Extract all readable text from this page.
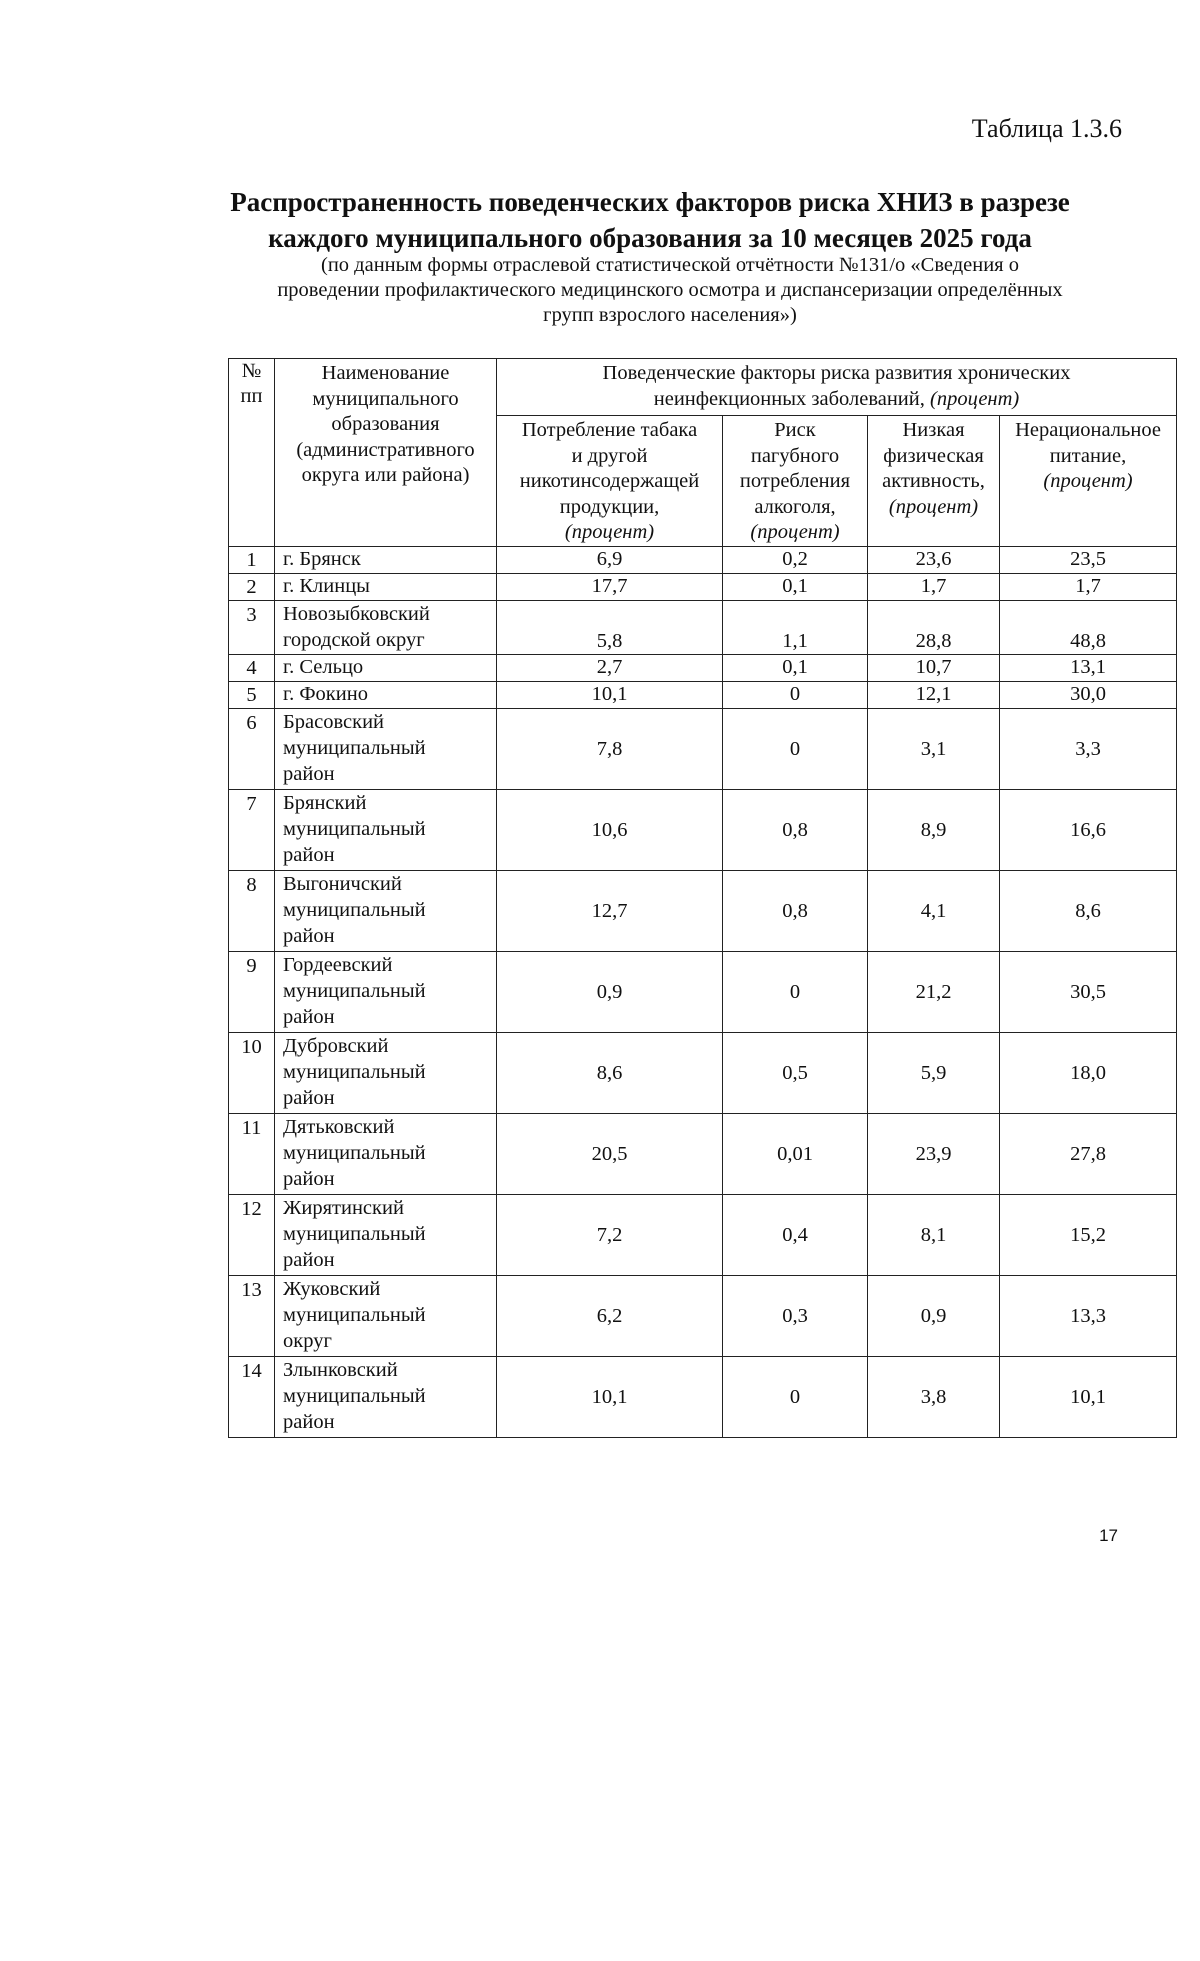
Таблица 1.3.6
Распространенность поведенческих факторов риска ХНИЗ в разрезе
каждого муниципального образования за 10 месяцев 2025 года
(по данным формы отраслевой статистической отчётности №131/о «Сведения о
проведении профилактического медицинского осмотра и диспансеризации определённых
групп взрослого населения»)
№
пп	Наименование
муниципального
образования
(административного
округа или района)	Поведенческие факторы риска развития хронических
неинфекционных заболеваний, (процент)			

		Потребление табака
и другой
никотинсодержащей
продукции,
(процент)	Риск
пагубного
потребления
алкоголя,
(процент)	Низкая
физическая
активность,
(процент)	Нерациональное
питание,
(процент)

1	г. Брянск	6,9	0,2	23,6	23,5
2	г. Клинцы	17,7	0,1	1,7	1,7
3	Новозыбковский
городской округ	5,8	1,1	28,8	48,8
4	г. Сельцо	2,7	0,1	10,7	13,1
5	г. Фокино	10,1	0	12,1	30,0
6	Брасовский
муниципальный
район	7,8	0	3,1	3,3
7	Брянский
муниципальный
район	10,6	0,8	8,9	16,6
8	Выгоничский
муниципальный
район	12,7	0,8	4,1	8,6
9	Гордеевский
муниципальный
район	0,9	0	21,2	30,5
10	Дубровский
муниципальный
район	8,6	0,5	5,9	18,0
11	Дятьковский
муниципальный
район	20,5	0,01	23,9	27,8
12	Жирятинский
муниципальный
район	7,2	0,4	8,1	15,2
13	Жуковский
муниципальный
округ	6,2	0,3	0,9	13,3
14	Злынковский
муниципальный
район	10,1	0	3,8	10,1
17
